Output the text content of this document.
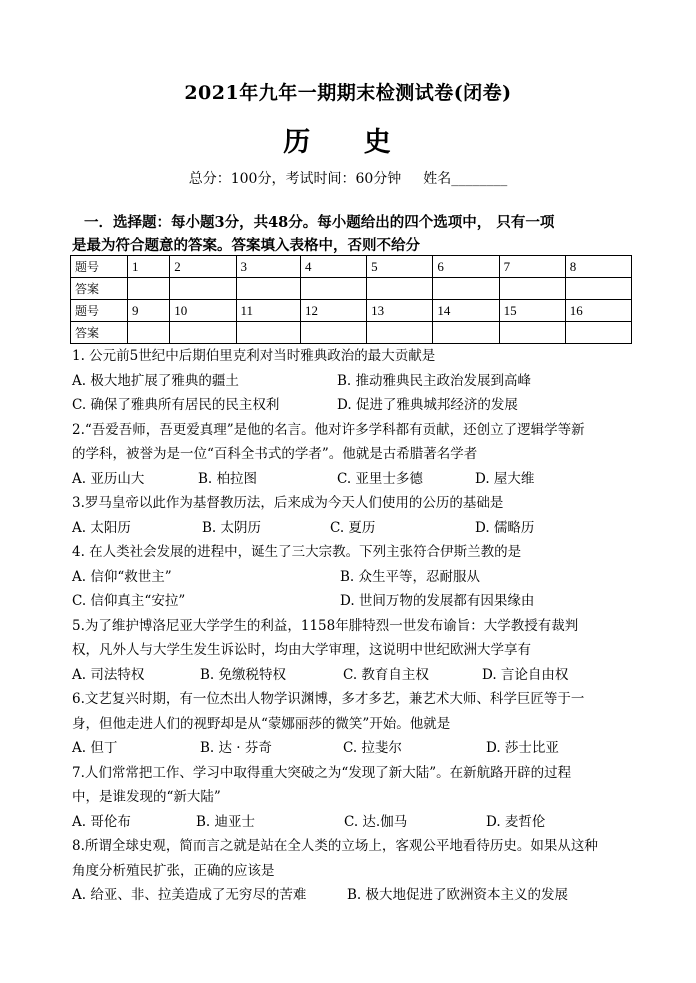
2021年九年一期期末检测试卷(闭卷)
历 史
总分：100分，考试时间：60分钟 姓名________
一．选择题：每小题3分，共48分。每小题给出的四个选项中， 只有一项
是最为符合题意的答案。答案填入表格中，否则不给分
题号	1	2	3	4	5	6	7	8
答案								
题号	9	10	11	12	13	14	15	16
答案								

1. 公元前5世纪中后期伯里克利对当时雅典政治的最大贡献是

A. 极大地扩展了雅典的疆土	B. 推动雅典民主政治发展到高峰

C. 确保了雅典所有居民的民主权利	D. 促进了雅典城邦经济的发展

2.“吾爱吾师，吾更爱真理”是他的名言。他对许多学科都有贡献，还创立了逻辑学等新

的学科，被誉为是一位“百科全书式的学者”。他就是古希腊著名学者

A. 亚历山大	B. 柏拉图	C. 亚里士多德	D. 屋大维

3.罗马皇帝以此作为基督教历法，后来成为今天人们使用的公历的基础是

A. 太阳历	B. 太阴历	C. 夏历	D. 儒略历

4. 在人类社会发展的进程中，诞生了三大宗教。下列主张符合伊斯兰教的是

A. 信仰“救世主”	B. 众生平等，忍耐服从

C. 信仰真主“安拉”	D. 世间万物的发展都有因果缘由

5.为了维护博洛尼亚大学学生的利益，1158年腓特烈一世发布谕旨：大学教授有裁判

权，凡外人与大学生发生诉讼时，均由大学审理，这说明中世纪欧洲大学享有

A. 司法特权	B. 免缴税特权	C. 教育自主权	D. 言论自由权

6.文艺复兴时期，有一位杰出人物学识渊博，多才多艺，兼艺术大师、科学巨匠等于一

身，但他走进人们的视野却是从“蒙娜丽莎的微笑”开始。他就是

A. 但丁	B. 达 · 芬奇	C. 拉斐尔	D. 莎士比亚

7.人们常常把工作、学习中取得重大突破之为“发现了新大陆”。在新航路开辟的过程

中，是谁发现的“新大陆”

A. 哥伦布	B. 迪亚士	C. 达.伽马	D. 麦哲伦

8.所谓全球史观，简而言之就是站在全人类的立场上，客观公平地看待历史。如果从这种

角度分析殖民扩张，正确的应该是

A. 给亚、非、拉美造成了无穷尽的苦难	B. 极大地促进了欧洲资本主义的发展
